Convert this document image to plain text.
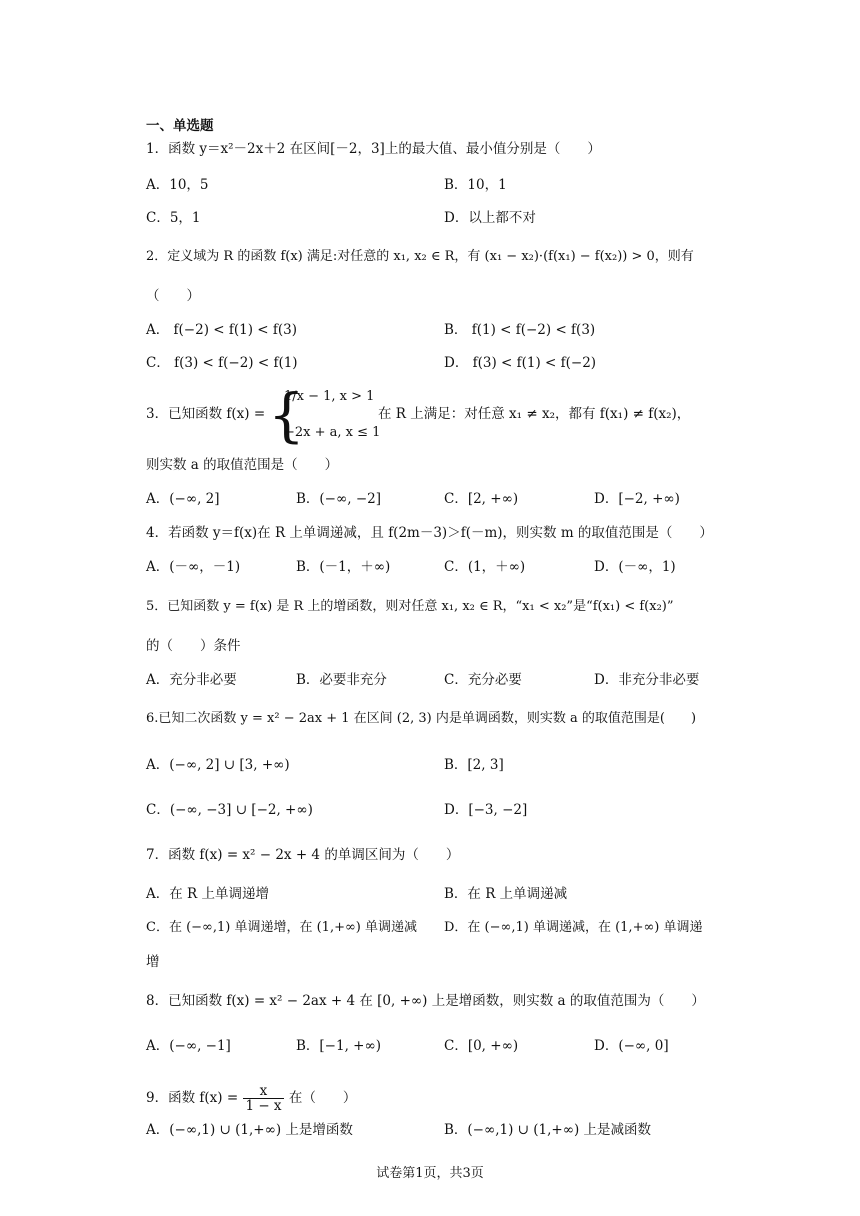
一、单选题
1．函数 y＝x²－2x＋2 在区间[－2，3]上的最大值、最小值分别是（　　）
A．10，5	B．10，1
C．5，1	D．以上都不对
2．定义域为 R 的函数 f(x) 满足:对任意的 x₁, x₂ ∈ R，有 (x₁ − x₂)·(f(x₁) − f(x₂)) > 0，则有
（　　）
A． f(−2) < f(1) < f(3)	B． f(1) < f(−2) < f(3)
C． f(3) < f(−2) < f(1)	D． f(3) < f(1) < f(−2)
3．已知函数 f(x) = {
1/x − 1, x > 1
−2x + a, x ≤ 1
在 R 上满足：对任意 x₁ ≠ x₂，都有 f(x₁) ≠ f(x₂)，
则实数 a 的取值范围是（　　）
A．(−∞, 2]	B．(−∞, −2]	C．[2, +∞)	D．[−2, +∞)
4．若函数 y＝f(x)在 R 上单调递减，且 f(2m－3)＞f(－m)，则实数 m 的取值范围是（　　）
A．(－∞，－1)	B．(－1，＋∞)	C．(1，＋∞)	D．(－∞，1)
5．已知函数 y = f(x) 是 R 上的增函数，则对任意 x₁, x₂ ∈ R，“x₁ < x₂”是“f(x₁) < f(x₂)”
的（　　）条件
A．充分非必要	B．必要非充分	C．充分必要	D．非充分非必要
6.已知二次函数 y = x² − 2ax + 1 在区间 (2, 3) 内是单调函数，则实数 a 的取值范围是(　　)
A．(−∞, 2] ∪ [3, +∞)	B．[2, 3]
C．(−∞, −3] ∪ [−2, +∞)	D．[−3, −2]
7．函数 f(x) = x² − 2x + 4 的单调区间为（　　）
A．在 R 上单调递增	B．在 R 上单调递减
C．在 (−∞,1) 单调递增，在 (1,+∞) 单调递减 D．在 (−∞,1) 单调递减，在 (1,+∞) 单调递
增
8．已知函数 f(x) = x² − 2ax + 4 在 [0, +∞) 上是增函数，则实数 a 的取值范围为（　　）
A．(−∞, −1]	B．[−1, +∞)	C．[0, +∞)	D．(−∞, 0]
9．函数 $f(x) = \frac{x}{1 - x}$ 在（　　）
A．(−∞,1) ∪ (1,+∞) 上是增函数	B．(−∞,1) ∪ (1,+∞) 上是减函数
试卷第1页，共3页
